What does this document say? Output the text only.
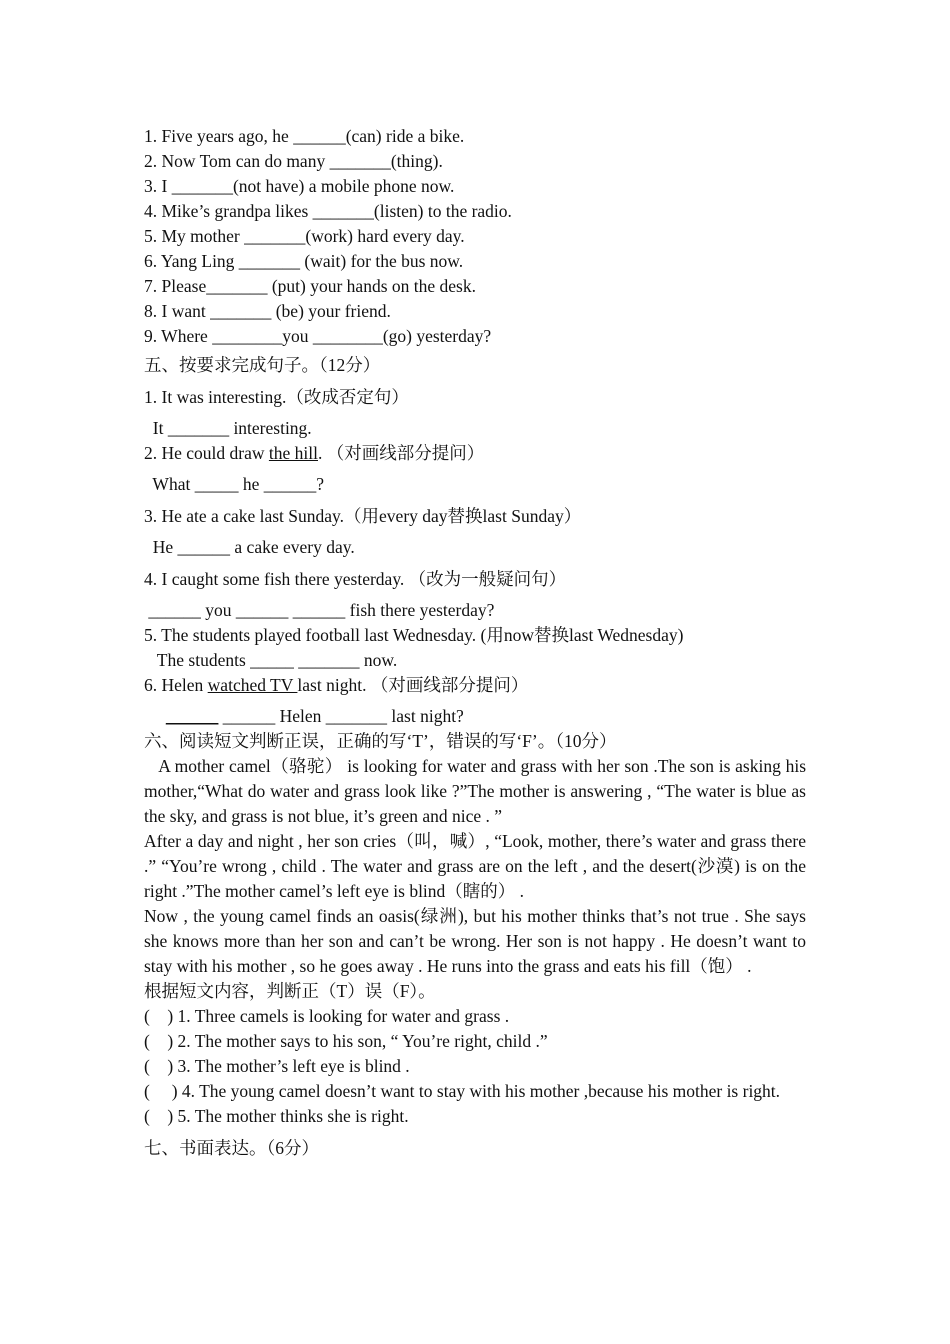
1. Five years ago, he ______(can) ride a bike.
2. Now Tom can do many _______(thing).
3. I _______(not have) a mobile phone now.
4. Mike’s grandpa likes _______(listen) to the radio.
5. My mother _______(work) hard every day.
6. Yang Ling _______ (wait) for the bus now.
7. Please_______ (put) your hands on the desk.
8. I want _______ (be) your friend.
9. Where ________you ________(go) yesterday?
五、按要求完成句子。（12分）
1. It was interesting.（改成否定句）
It _______ interesting.
2. He could draw the hill. （对画线部分提问）
What _____ he ______?
3. He ate a cake last Sunday.（用every day替换last Sunday）
He ______ a cake every day.
4. I caught some fish there yesterday. （改为一般疑问句）
______ you ______ ______ fish there yesterday?
5. The students played football last Wednesday. (用now替换last Wednesday)
The students _____ _______ now.
6. Helen watched TV last night. （对画线部分提问）
______ ______ Helen _______ last night?
六、阅读短文判断正误，正确的写‘T’，错误的写‘F’。（10分）
A mother camel（骆驼） is looking for water and grass with her son .The son is asking his mother,“What do water and grass look like ?”The mother is answering , “The water is blue as the sky, and grass is not blue, it’s green and nice . ”
After a day and night , her son cries（叫，喊）, “Look, mother, there’s water and grass there .” “You’re wrong , child . The water and grass are on the left , and the desert(沙漠) is on the right .”The mother camel’s left eye is blind（瞎的） .
Now , the young camel finds an oasis(绿洲), but his mother thinks that’s not true . She says she knows more than her son and can’t be wrong. Her son is not happy . He doesn’t want to stay with his mother , so he goes away . He runs into the grass and eats his fill（饱） .
根据短文内容，判断正（T）误（F）。
(    ) 1. Three camels is looking for water and grass .
(    ) 2. The mother says to his son, “ You’re right, child .”
(    ) 3. The mother’s left eye is blind .
(     ) 4. The young camel doesn’t want to stay with his mother ,because his mother is right.
(    ) 5. The mother thinks she is right.
七、书面表达。（6分）
